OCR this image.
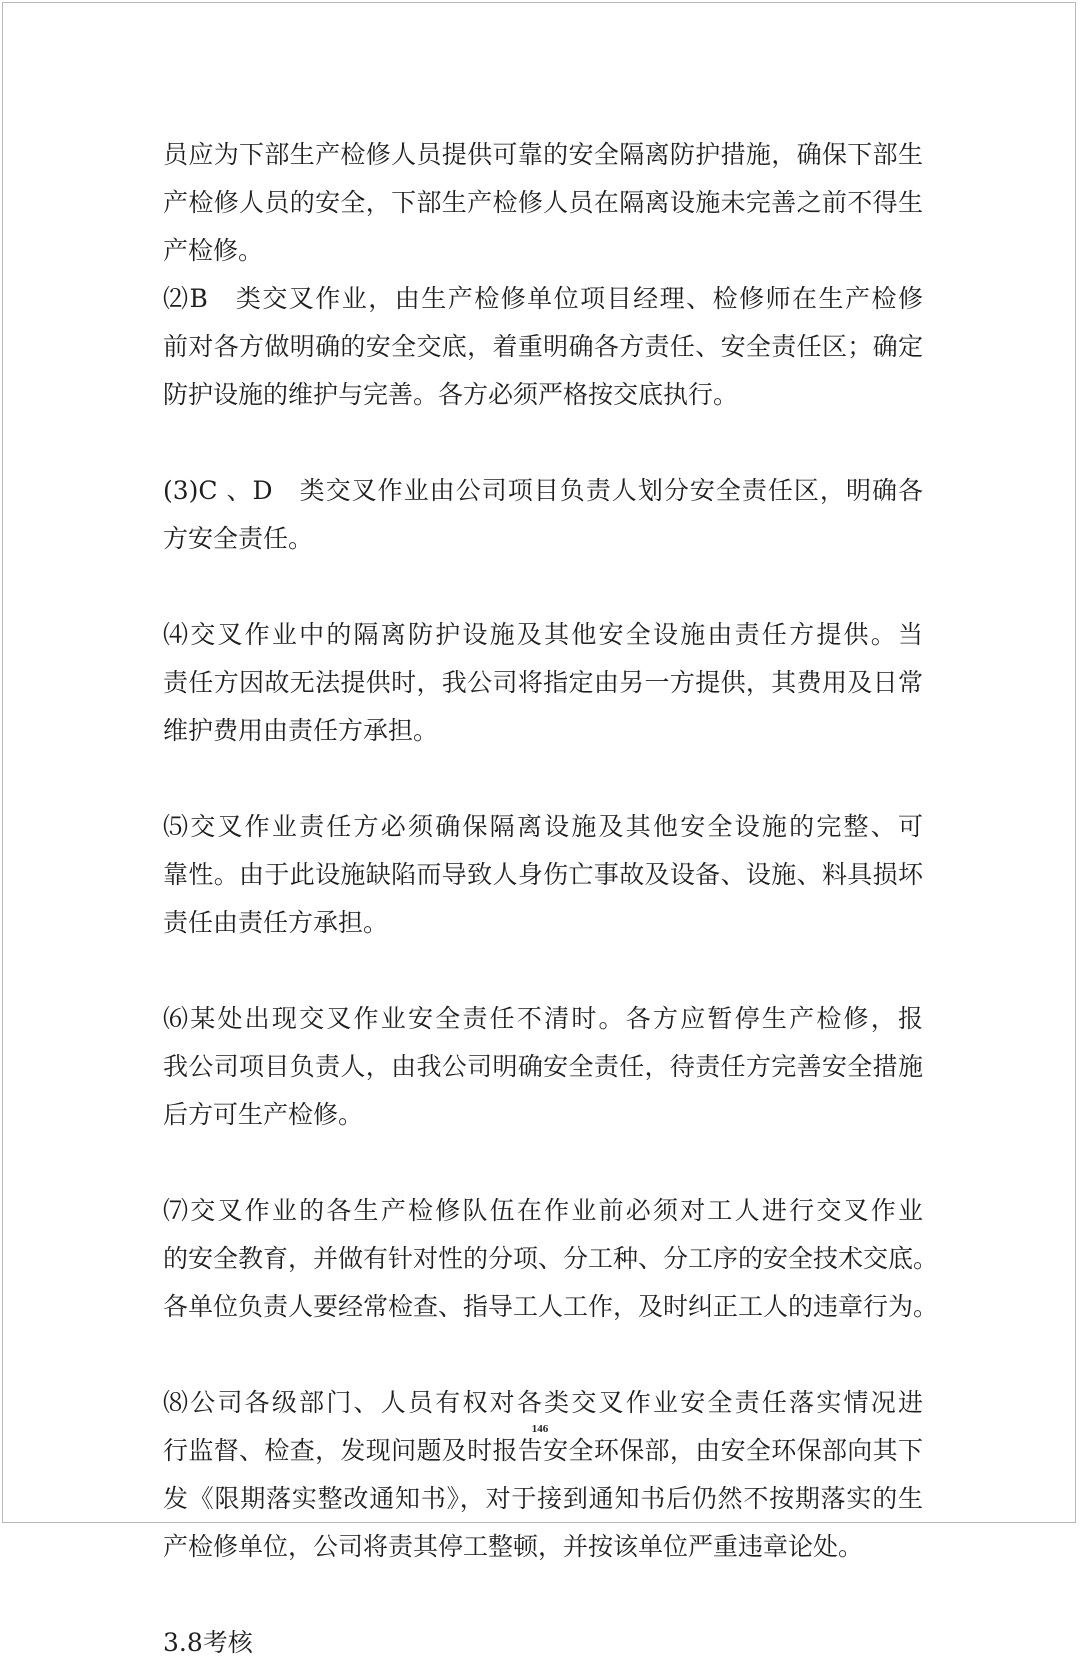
员应为下部生产检修人员提供可靠的安全隔离防护措施，确保下部生
产检修人员的安全，下部生产检修人员在隔离设施未完善之前不得生
产检修。
⑵B　类交叉作业，由生产检修单位项目经理、检修师在生产检修
前对各方做明确的安全交底，着重明确各方责任、安全责任区；确定
防护设施的维护与完善。各方必须严格按交底执行。
(3)C 、D　类交叉作业由公司项目负责人划分安全责任区，明确各
方安全责任。
⑷交叉作业中的隔离防护设施及其他安全设施由责任方提供。当
责任方因故无法提供时，我公司将指定由另一方提供，其费用及日常
维护费用由责任方承担。
⑸交叉作业责任方必须确保隔离设施及其他安全设施的完整、可
靠性。由于此设施缺陷而导致人身伤亡事故及设备、设施、料具损坏
责任由责任方承担。
⑹某处出现交叉作业安全责任不清时。各方应暂停生产检修，报
我公司项目负责人，由我公司明确安全责任，待责任方完善安全措施
后方可生产检修。
⑺交叉作业的各生产检修队伍在作业前必须对工人进行交叉作业
的安全教育，并做有针对性的分项、分工种、分工序的安全技术交底。
各单位负责人要经常检查、指导工人工作，及时纠正工人的违章行为。
⑻公司各级部门、人员有权对各类交叉作业安全责任落实情况进
行监督、检查，发现问题及时报告安全环保部，由安全环保部向其下
发《限期落实整改通知书》，对于接到通知书后仍然不按期落实的生
产检修单位，公司将责其停工整顿，并按该单位严重违章论处。
3.8考核
146
